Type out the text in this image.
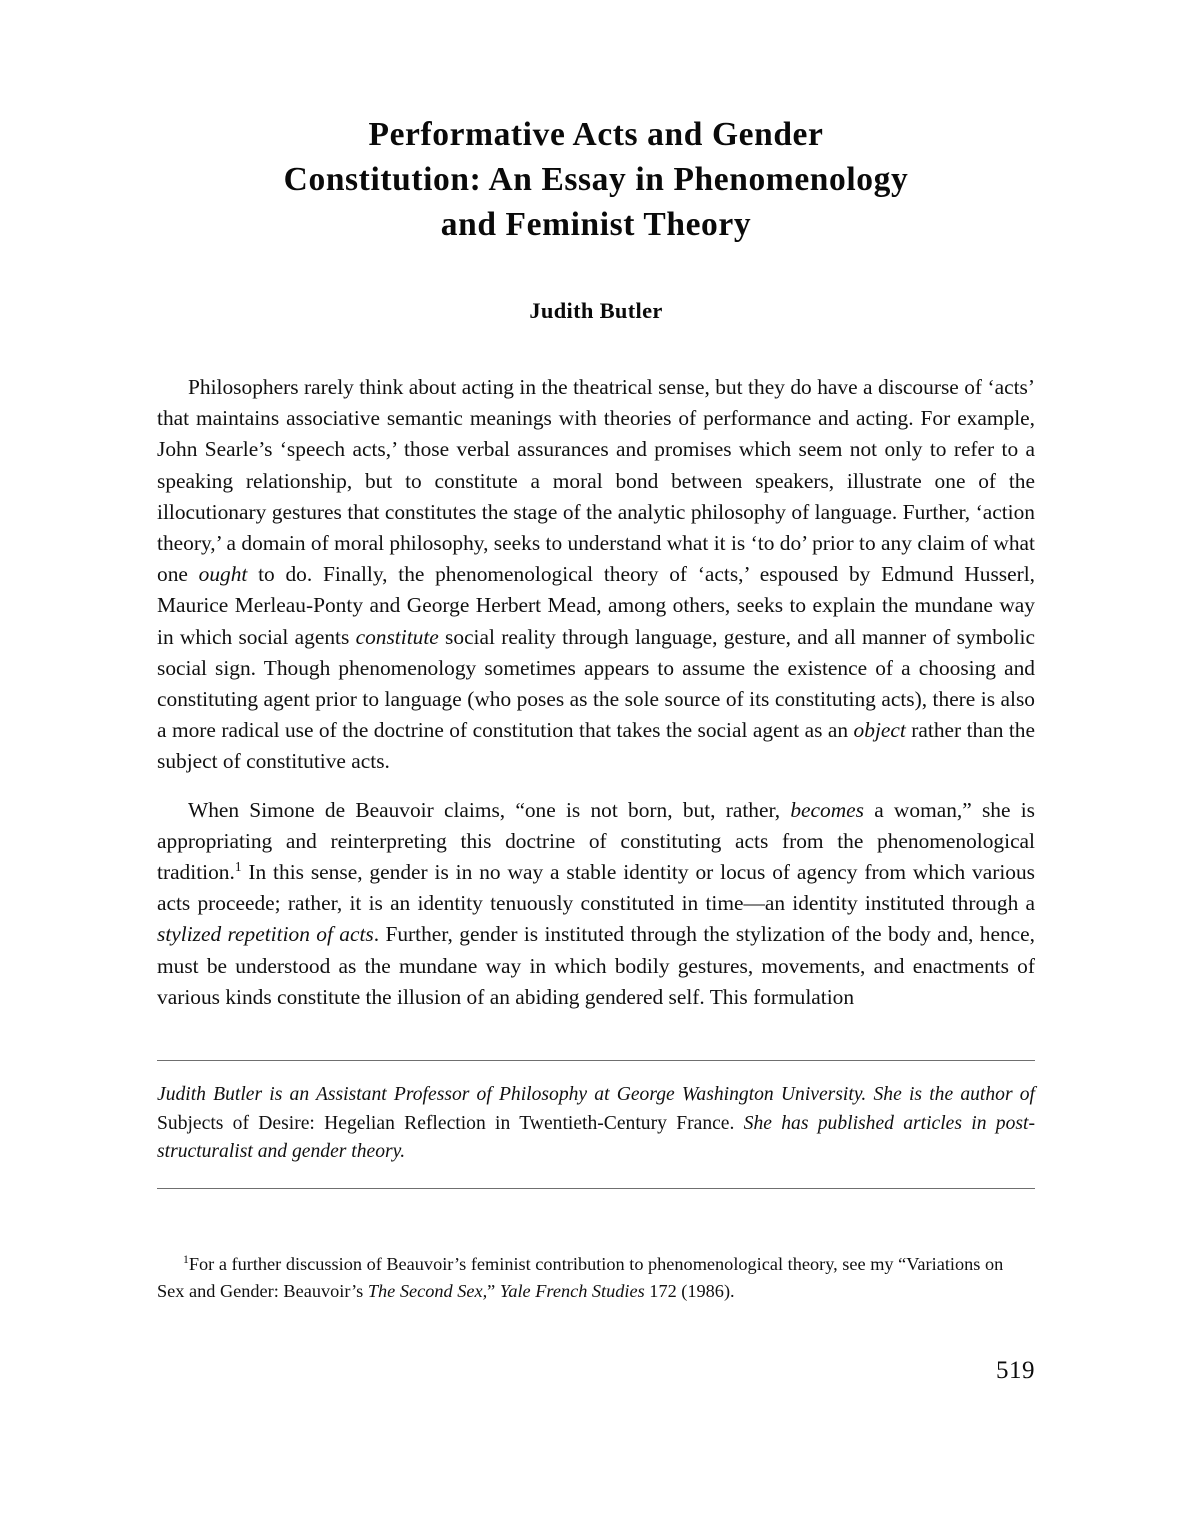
Performative Acts and Gender
Constitution: An Essay in Phenomenology
and Feminist Theory
Judith Butler

Philosophers rarely think about acting in the theatrical sense, but they do have a discourse of ‘acts’ that maintains associative semantic meanings with theories of performance and acting. For example, John Searle’s ‘speech acts,’ those verbal assurances and promises which seem not only to refer to a speaking relationship, but to constitute a moral bond between speakers, illustrate one of the illocutionary gestures that constitutes the stage of the analytic philosophy of language. Further, ‘action theory,’ a domain of moral philosophy, seeks to understand what it is ‘to do’ prior to any claim of what one ought to do. Finally, the phenomenological theory of ‘acts,’ espoused by Edmund Husserl, Maurice Merleau-Ponty and George Herbert Mead, among others, seeks to explain the mundane way in which social agents constitute social reality through language, gesture, and all manner of symbolic social sign. Though phenomenology sometimes appears to assume the existence of a choosing and constituting agent prior to language (who poses as the sole source of its constituting acts), there is also a more radical use of the doctrine of constitution that takes the social agent as an object rather than the subject of constitutive acts.

When Simone de Beauvoir claims, “one is not born, but, rather, becomes a woman,” she is appropriating and reinterpreting this doctrine of constituting acts from the phenomenological tradition.$^1$ In this sense, gender is in no way a stable identity or locus of agency from which various acts proceede; rather, it is an identity tenuously constituted in time—an identity instituted through a stylized repetition of acts. Further, gender is instituted through the stylization of the body and, hence, must be understood as the mundane way in which bodily gestures, movements, and enactments of various kinds constitute the illusion of an abiding gendered self. This formulation

Judith Butler is an Assistant Professor of Philosophy at George Washington University. She is the author of Subjects of Desire: Hegelian Reflection in Twentieth-Century France. She has published articles in post-structuralist and gender theory.
$^1$For a further discussion of Beauvoir’s feminist contribution to phenomenological theory, see my “Variations on Sex and Gender: Beauvoir’s The Second Sex,” Yale French Studies 172 (1986).
519
